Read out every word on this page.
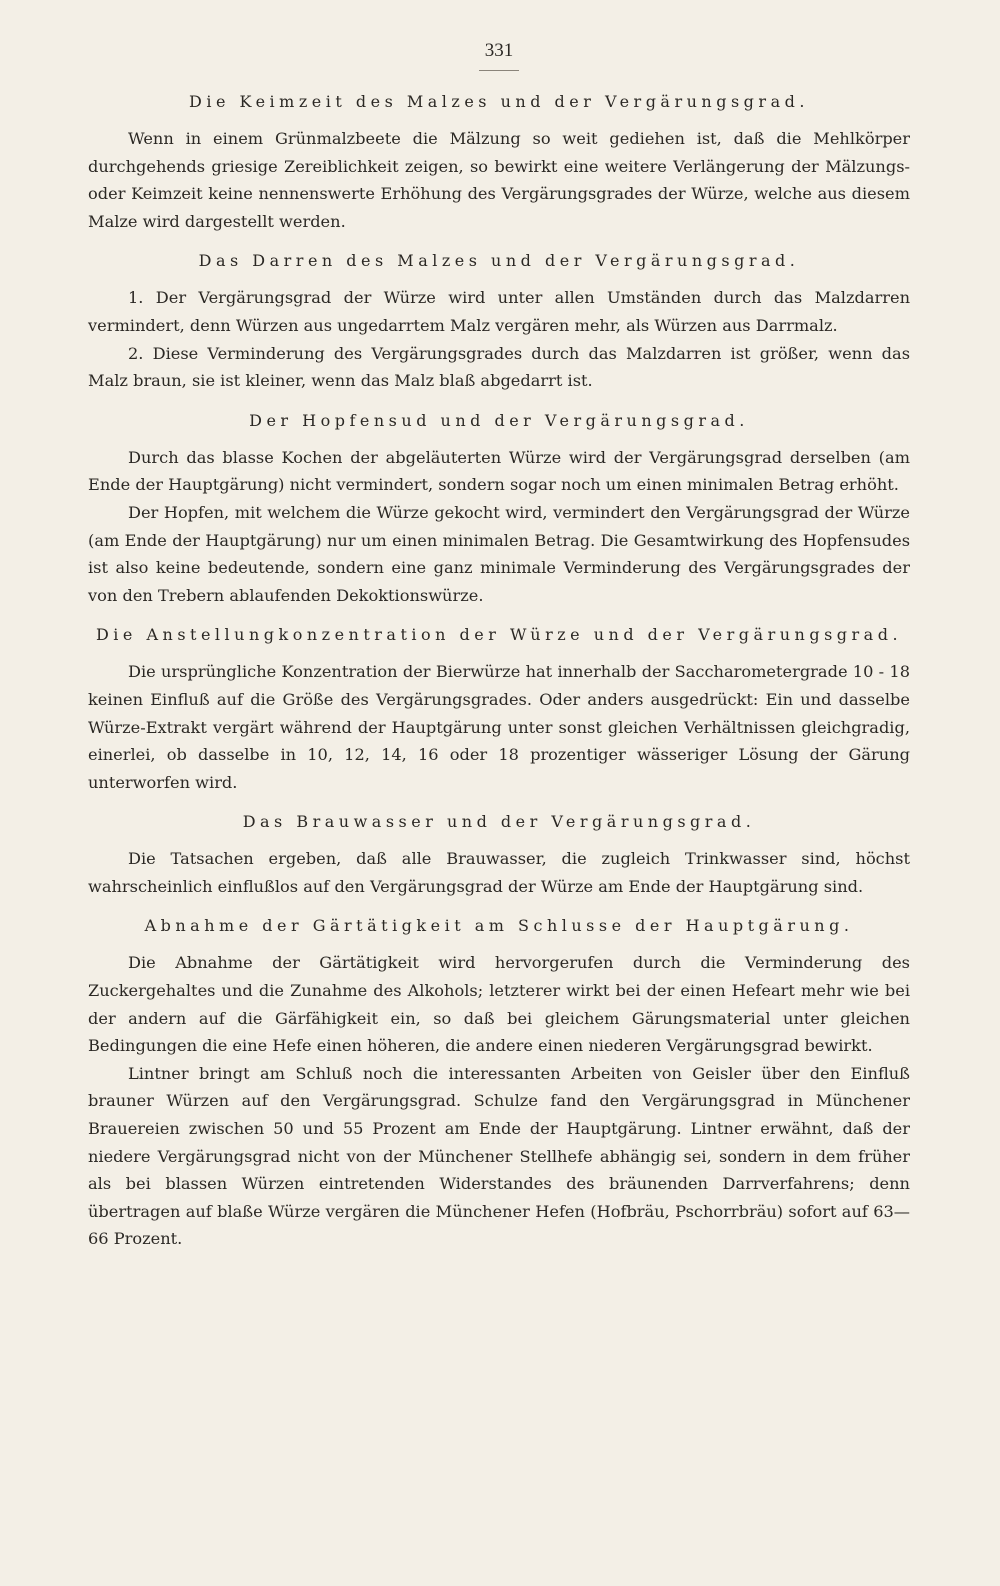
331
Die Keimzeit des Malzes und der Vergärungsgrad.

Wenn in einem Grünmalzbeete die Mälzung so weit gediehen ist, daß die Mehlkörper durchgehends griesige Zereiblichkeit zeigen, so bewirkt eine weitere Verlängerung der Mälzungs- oder Keimzeit keine nennenswerte Erhöhung des Vergärungsgrades der Würze, welche aus diesem Malze wird dargestellt werden.

Das Darren des Malzes und der Vergärungsgrad.

1. Der Vergärungsgrad der Würze wird unter allen Umständen durch das Malzdarren vermindert, denn Würzen aus ungedarrtem Malz vergären mehr, als Würzen aus Darrmalz.

2. Diese Verminderung des Vergärungsgrades durch das Malzdarren ist größer, wenn das Malz braun, sie ist kleiner, wenn das Malz blaß abgedarrt ist.

Der Hopfensud und der Vergärungsgrad.

Durch das blasse Kochen der abgeläuterten Würze wird der Vergärungsgrad derselben (am Ende der Hauptgärung) nicht vermindert, sondern sogar noch um einen minimalen Betrag erhöht.

Der Hopfen, mit welchem die Würze gekocht wird, vermindert den Vergärungsgrad der Würze (am Ende der Hauptgärung) nur um einen minimalen Betrag. Die Gesamtwirkung des Hopfensudes ist also keine bedeutende, sondern eine ganz minimale Verminderung des Vergärungsgrades der von den Trebern ablaufenden Dekoktionswürze.

Die Anstellungkonzentration der Würze und der Vergärungsgrad.

Die ursprüngliche Konzentration der Bierwürze hat innerhalb der Saccharometergrade 10 - 18 keinen Einfluß auf die Größe des Vergärungsgrades. Oder anders ausgedrückt: Ein und dasselbe Würze-Extrakt vergärt während der Hauptgärung unter sonst gleichen Verhältnissen gleichgradig, einerlei, ob dasselbe in 10, 12, 14, 16 oder 18 prozentiger wässeriger Lösung der Gärung unterworfen wird.

Das Brauwasser und der Vergärungsgrad.

Die Tatsachen ergeben, daß alle Brauwasser, die zugleich Trinkwasser sind, höchst wahrscheinlich einflußlos auf den Vergärungsgrad der Würze am Ende der Hauptgärung sind.

Abnahme der Gärtätigkeit am Schlusse der Hauptgärung.

Die Abnahme der Gärtätigkeit wird hervorgerufen durch die Verminderung des Zuckergehaltes und die Zunahme des Alkohols; letzterer wirkt bei der einen Hefeart mehr wie bei der andern auf die Gärfähigkeit ein, so daß bei gleichem Gärungsmaterial unter gleichen Bedingungen die eine Hefe einen höheren, die andere einen niederen Vergärungsgrad bewirkt.

Lintner bringt am Schluß noch die interessanten Arbeiten von Geisler über den Einfluß brauner Würzen auf den Vergärungsgrad. Schulze fand den Vergärungsgrad in Münchener Brauereien zwischen 50 und 55 Prozent am Ende der Hauptgärung. Lintner erwähnt, daß der niedere Vergärungsgrad nicht von der Münchener Stellhefe abhängig sei, sondern in dem früher als bei blassen Würzen eintretenden Widerstandes des bräunenden Darrverfahrens; denn übertragen auf blaße Würze vergären die Münchener Hefen (Hofbräu, Pschorrbräu) sofort auf 63—66 Prozent.
